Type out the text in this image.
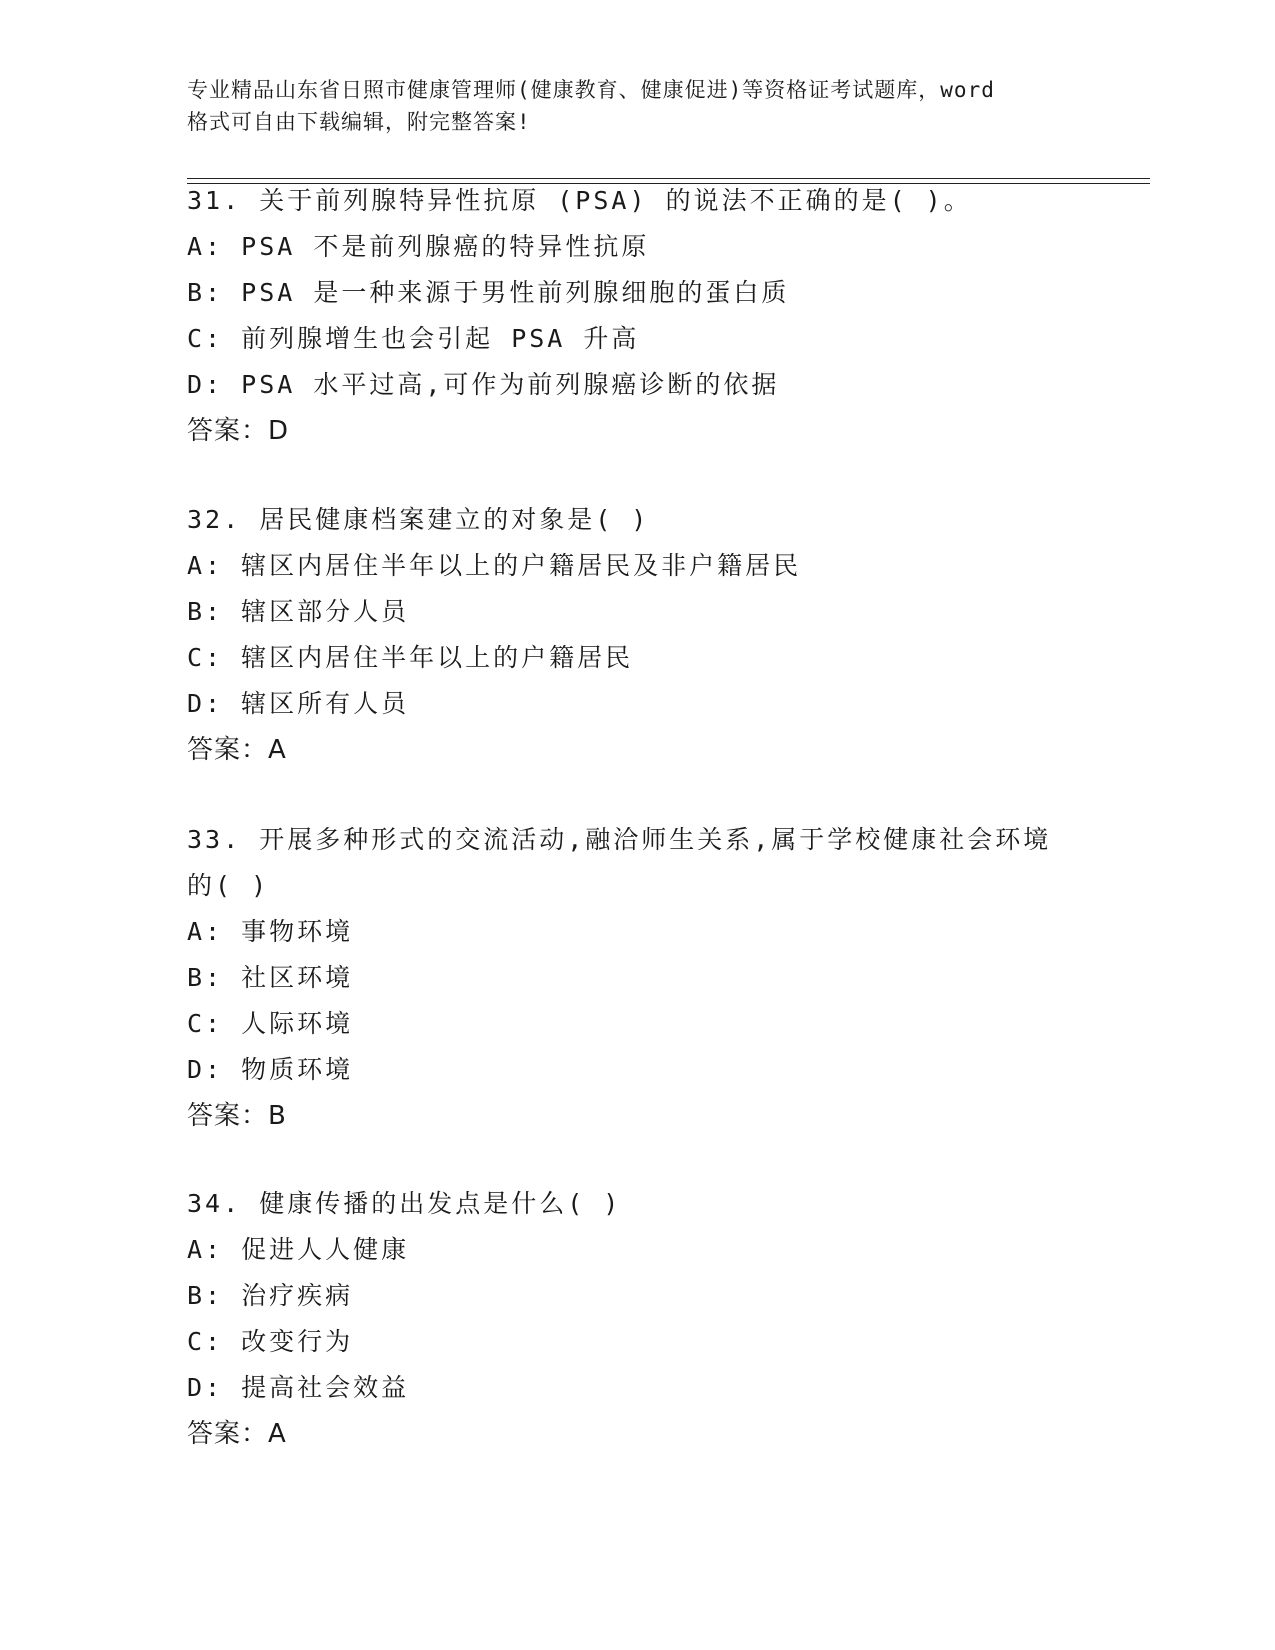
专业精品山东省日照市健康管理师(健康教育、健康促进)等资格证考试题库，word
格式可自由下载编辑，附完整答案!
31. 关于前列腺特异性抗原 (PSA) 的说法不正确的是( )。
A: PSA 不是前列腺癌的特异性抗原
B: PSA 是一种来源于男性前列腺细胞的蛋白质
C: 前列腺增生也会引起 PSA 升高
D: PSA 水平过高,可作为前列腺癌诊断的依据
答案：D
32. 居民健康档案建立的对象是( )
A: 辖区内居住半年以上的户籍居民及非户籍居民
B: 辖区部分人员
C: 辖区内居住半年以上的户籍居民
D: 辖区所有人员
答案：A
33. 开展多种形式的交流活动,融洽师生关系,属于学校健康社会环境
的( )
A: 事物环境
B: 社区环境
C: 人际环境
D: 物质环境
答案：B
34. 健康传播的出发点是什么( )
A: 促进人人健康
B: 治疗疾病
C: 改变行为
D: 提高社会效益
答案：A
